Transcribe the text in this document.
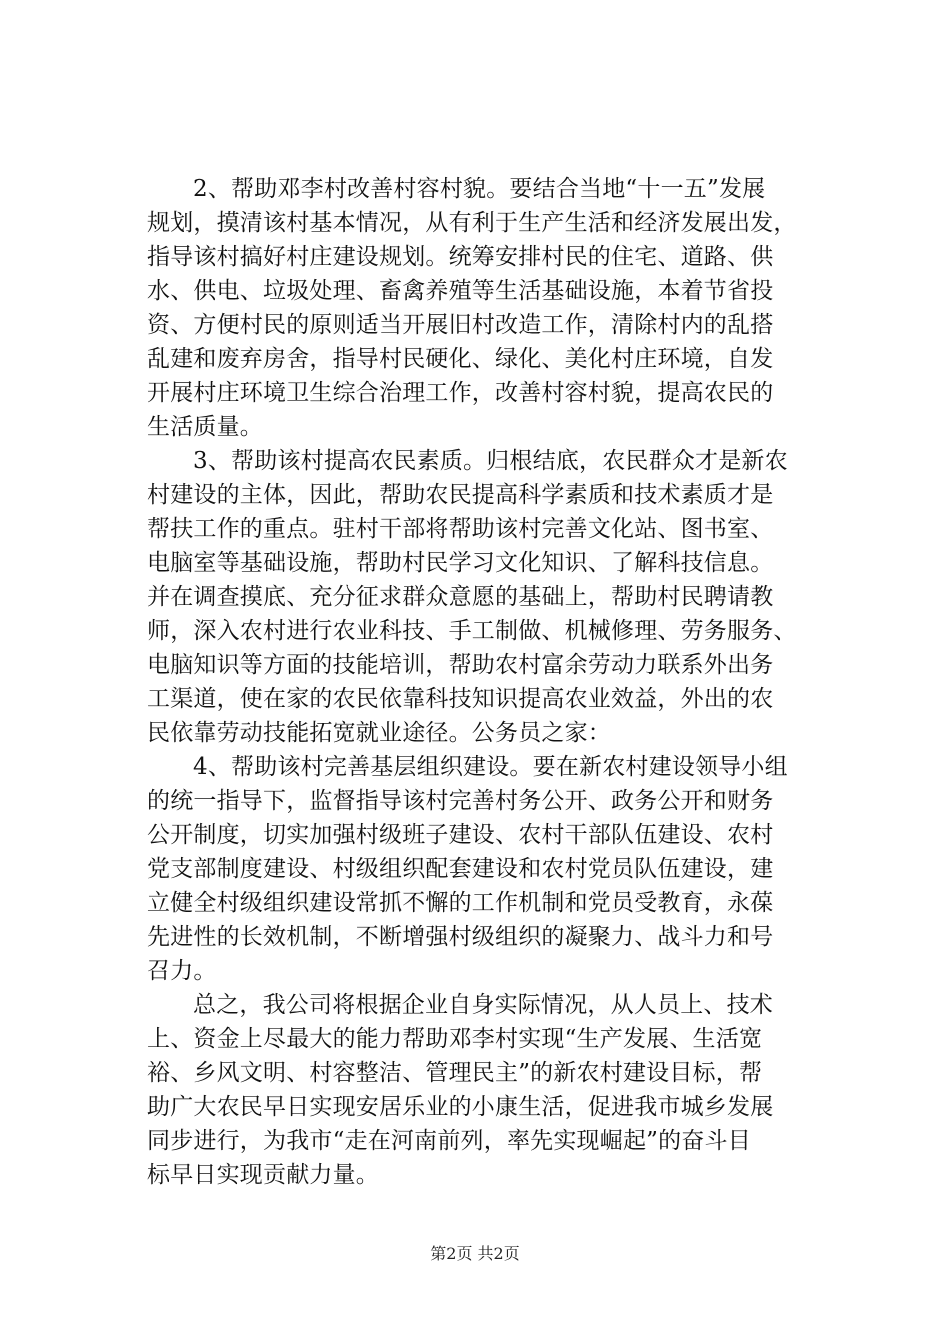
2、帮助邓李村改善村容村貌。要结合当地“十一五”发展
规划，摸清该村基本情况，从有利于生产生活和经济发展出发，
指导该村搞好村庄建设规划。统筹安排村民的住宅、道路、供
水、供电、垃圾处理、畜禽养殖等生活基础设施，本着节省投
资、方便村民的原则适当开展旧村改造工作，清除村内的乱搭
乱建和废弃房舍，指导村民硬化、绿化、美化村庄环境，自发
开展村庄环境卫生综合治理工作，改善村容村貌，提高农民的
生活质量。
3、帮助该村提高农民素质。归根结底，农民群众才是新农
村建设的主体，因此，帮助农民提高科学素质和技术素质才是
帮扶工作的重点。驻村干部将帮助该村完善文化站、图书室、
电脑室等基础设施，帮助村民学习文化知识、了解科技信息。
并在调查摸底、充分征求群众意愿的基础上，帮助村民聘请教
师，深入农村进行农业科技、手工制做、机械修理、劳务服务、
电脑知识等方面的技能培训，帮助农村富余劳动力联系外出务
工渠道，使在家的农民依靠科技知识提高农业效益，外出的农
民依靠劳动技能拓宽就业途径。公务员之家：
4、帮助该村完善基层组织建设。要在新农村建设领导小组
的统一指导下，监督指导该村完善村务公开、政务公开和财务
公开制度，切实加强村级班子建设、农村干部队伍建设、农村
党支部制度建设、村级组织配套建设和农村党员队伍建设，建
立健全村级组织建设常抓不懈的工作机制和党员受教育，永葆
先进性的长效机制，不断增强村级组织的凝聚力、战斗力和号
召力。
总之，我公司将根据企业自身实际情况，从人员上、技术
上、资金上尽最大的能力帮助邓李村实现“生产发展、生活宽
裕、乡风文明、村容整洁、管理民主”的新农村建设目标，帮
助广大农民早日实现安居乐业的小康生活，促进我市城乡发展
同步进行，为我市“走在河南前列，率先实现崛起”的奋斗目
标早日实现贡献力量。
第2页 共2页
